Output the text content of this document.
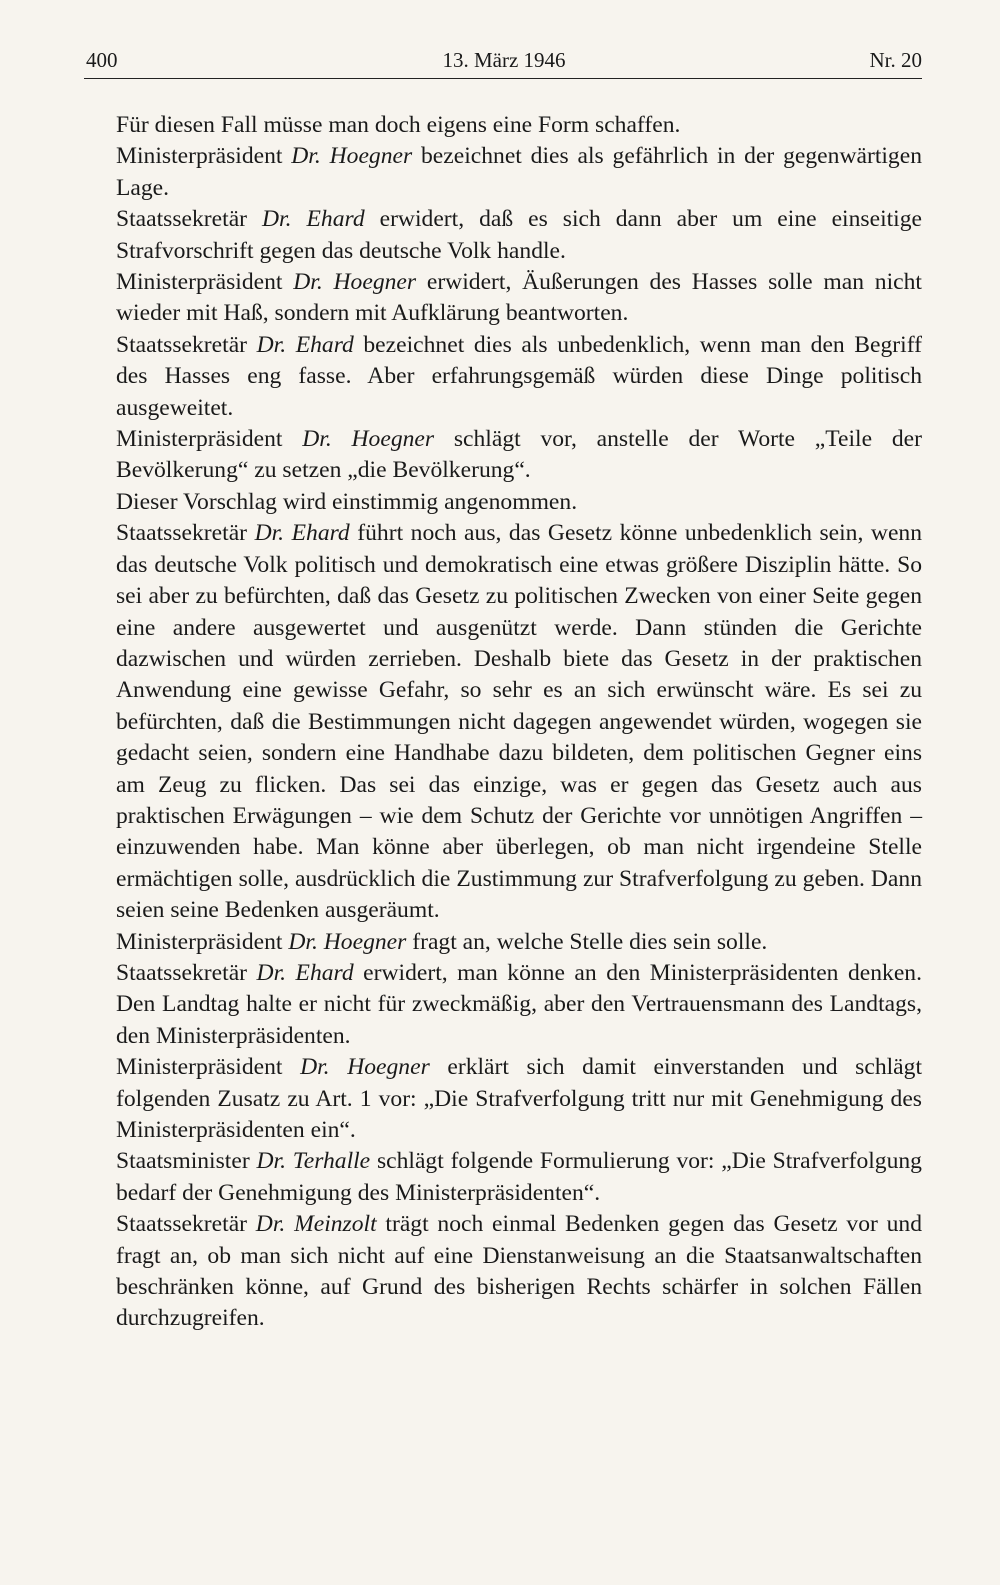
400	13. März 1946	Nr. 20

Für diesen Fall müsse man doch eigens eine Form schaffen.

Ministerpräsident Dr. Hoegner bezeichnet dies als gefährlich in der gegenwärtigen Lage.

Staatssekretär Dr. Ehard erwidert, daß es sich dann aber um eine einseitige Strafvorschrift gegen das deutsche Volk handle.

Ministerpräsident Dr. Hoegner erwidert, Äußerungen des Hasses solle man nicht wieder mit Haß, sondern mit Aufklärung beantworten.

Staatssekretär Dr. Ehard bezeichnet dies als unbedenklich, wenn man den Begriff des Hasses eng fasse. Aber erfahrungsgemäß würden diese Dinge politisch ausgeweitet.

Ministerpräsident Dr. Hoegner schlägt vor, anstelle der Worte „Teile der Bevölkerung“ zu setzen „die Bevölkerung“.

Dieser Vorschlag wird einstimmig angenommen.

Staatssekretär Dr. Ehard führt noch aus, das Gesetz könne unbedenklich sein, wenn das deutsche Volk politisch und demokratisch eine etwas größere Disziplin hätte. So sei aber zu befürchten, daß das Gesetz zu politischen Zwecken von einer Seite gegen eine andere ausgewertet und ausgenützt werde. Dann stünden die Gerichte dazwischen und würden zerrieben. Deshalb biete das Gesetz in der praktischen Anwendung eine gewisse Gefahr, so sehr es an sich erwünscht wäre. Es sei zu befürchten, daß die Bestimmungen nicht dagegen angewendet würden, wogegen sie gedacht seien, sondern eine Handhabe dazu bildeten, dem politischen Gegner eins am Zeug zu flicken. Das sei das einzige, was er gegen das Gesetz auch aus praktischen Erwägungen – wie dem Schutz der Gerichte vor unnötigen Angriffen – einzuwenden habe. Man könne aber überlegen, ob man nicht irgendeine Stelle ermächtigen solle, ausdrücklich die Zustimmung zur Strafverfolgung zu geben. Dann seien seine Bedenken ausgeräumt.

Ministerpräsident Dr. Hoegner fragt an, welche Stelle dies sein solle.

Staatssekretär Dr. Ehard erwidert, man könne an den Ministerpräsidenten denken. Den Landtag halte er nicht für zweckmäßig, aber den Vertrauensmann des Landtags, den Ministerpräsidenten.

Ministerpräsident Dr. Hoegner erklärt sich damit einverstanden und schlägt folgenden Zusatz zu Art. 1 vor: „Die Strafverfolgung tritt nur mit Genehmigung des Ministerpräsidenten ein“.

Staatsminister Dr. Terhalle schlägt folgende Formulierung vor: „Die Strafverfolgung bedarf der Genehmigung des Ministerpräsidenten“.

Staatssekretär Dr. Meinzolt trägt noch einmal Bedenken gegen das Gesetz vor und fragt an, ob man sich nicht auf eine Dienstanweisung an die Staatsanwaltschaften beschränken könne, auf Grund des bisherigen Rechts schärfer in solchen Fällen durchzugreifen.
